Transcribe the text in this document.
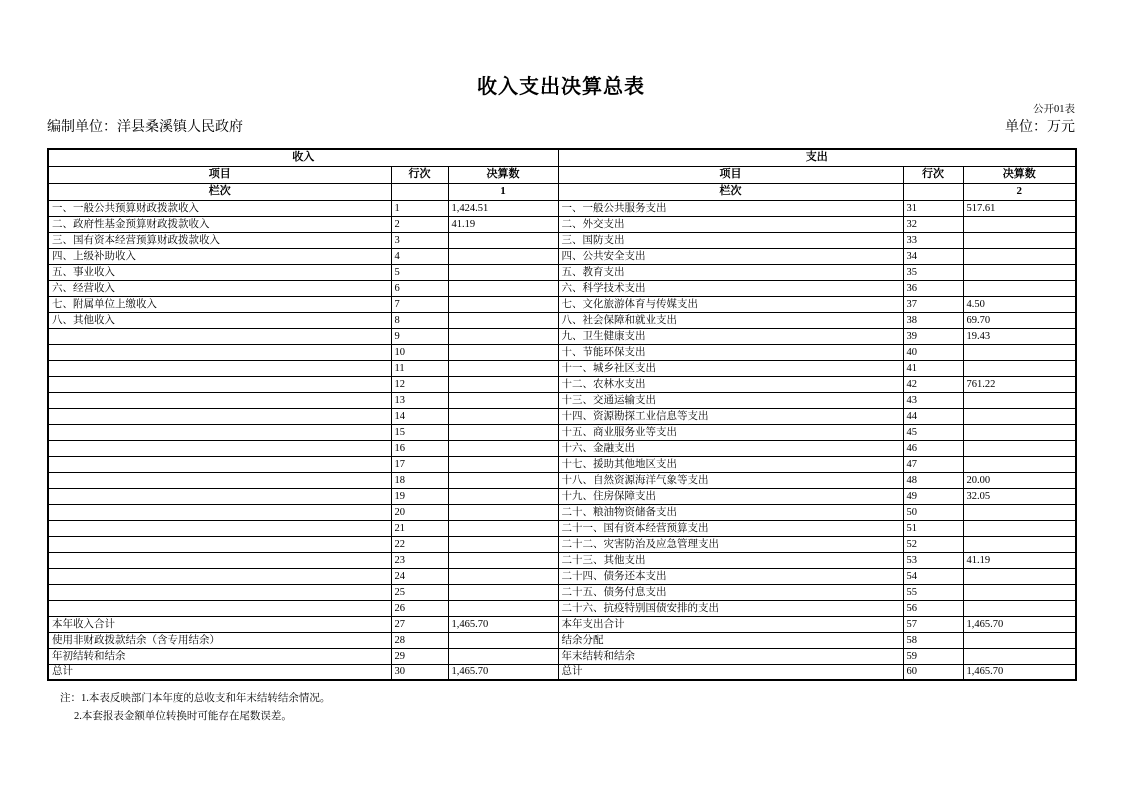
收入支出决算总表
公开01表
编制单位：洋县桑溪镇人民政府	单位：万元
收入			支出		
项目	行次	决算数	项目	行次	决算数
栏次		1	栏次		2
一、一般公共预算财政拨款收入	1	1,424.51	一、一般公共服务支出	31	517.61
二、政府性基金预算财政拨款收入	2	41.19	二、外交支出	32	
三、国有资本经营预算财政拨款收入	3		三、国防支出	33	
四、上级补助收入	4		四、公共安全支出	34	
五、事业收入	5		五、教育支出	35	
六、经营收入	6		六、科学技术支出	36	
七、附属单位上缴收入	7		七、文化旅游体育与传媒支出	37	4.50
八、其他收入	8		八、社会保障和就业支出	38	69.70
	9		九、卫生健康支出	39	19.43
	10		十、节能环保支出	40	
	11		十一、城乡社区支出	41	
	12		十二、农林水支出	42	761.22
	13		十三、交通运输支出	43	
	14		十四、资源勘探工业信息等支出	44	
	15		十五、商业服务业等支出	45	
	16		十六、金融支出	46	
	17		十七、援助其他地区支出	47	
	18		十八、自然资源海洋气象等支出	48	20.00
	19		十九、住房保障支出	49	32.05
	20		二十、粮油物资储备支出	50	
	21		二十一、国有资本经营预算支出	51	
	22		二十二、灾害防治及应急管理支出	52	
	23		二十三、其他支出	53	41.19
	24		二十四、债务还本支出	54	
	25		二十五、债务付息支出	55	
	26		二十六、抗疫特别国债安排的支出	56	
本年收入合计	27	1,465.70	本年支出合计	57	1,465.70
使用非财政拨款结余（含专用结余）	28		结余分配	58	
年初结转和结余	29		年末结转和结余	59	
总计	30	1,465.70	总计	60	1,465.70
注：1.本表反映部门本年度的总收支和年末结转结余情况。
2.本套报表金额单位转换时可能存在尾数误差。
